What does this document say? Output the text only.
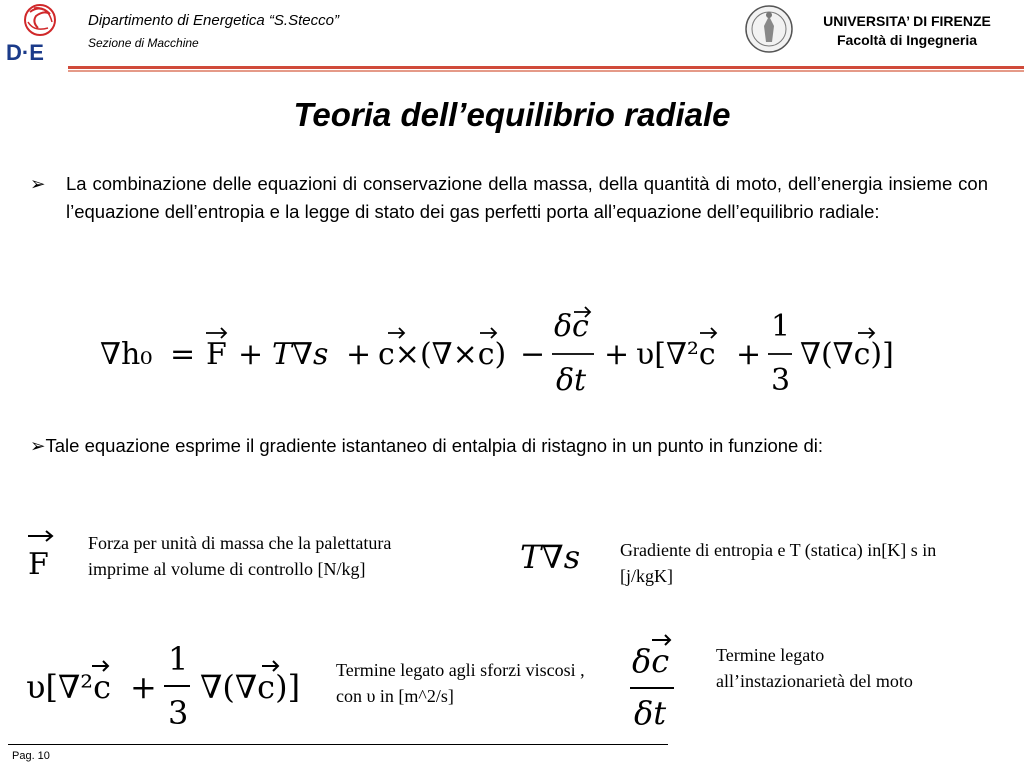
D·E
Dipartimento di Energetica “S.Stecco”
Sezione di Macchine
UNIVERSITA’ DI FIRENZE
Facoltà di Ingegneria
Teoria dell’equilibrio radiale
➢ La combinazione delle equazioni di conservazione della massa, della quantità di moto, dell’energia insieme con l’equazione dell’entropia e la legge di stato dei gas perfetti porta all’equazione dell’equilibrio radiale:
∇h₀ = F + T∇s + c×(∇×c) −
δc
δt
+ υ[∇²c +
1
3
∇(∇c)]
➢Tale equazione esprime il gradiente istantaneo di entalpia di ristagno in un punto in funzione di:
F
Forza per unità di massa che la palettatura imprime al volume di controllo [N/kg]	T∇s Gradiente di entropia e T (statica) in[K] s in [j/kgK]
υ[∇²c +
1
3
∇(∇c)] Termine legato agli sforzi viscosi , con υ in [m^2/s]
δc
δt
Termine legato all’instazionarietà del moto
Pag. 10
